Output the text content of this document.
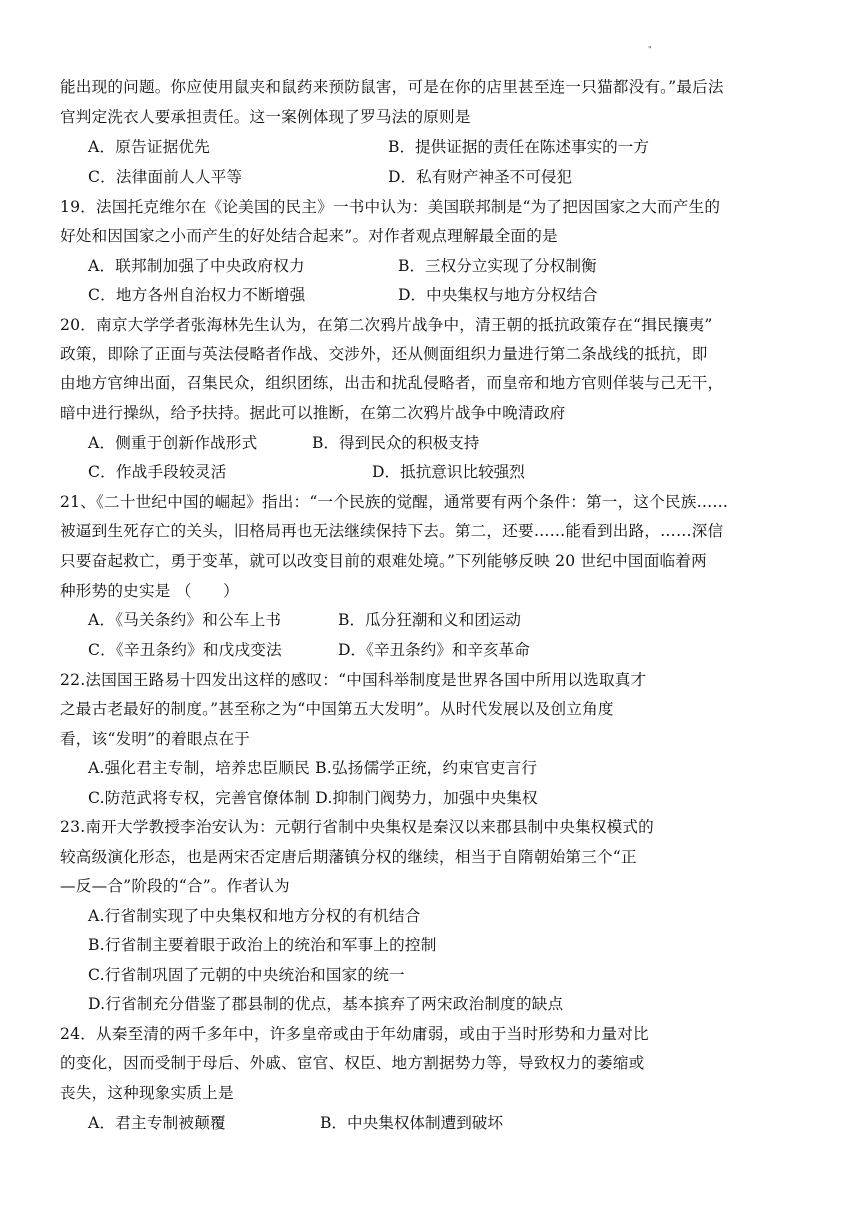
"
能出现的问题。你应使用鼠夹和鼠药来预防鼠害，可是在你的店里甚至连一只猫都没有。”最后法
官判定洗衣人要承担责任。这一案例体现了罗马法的原则是
A．原告证据优先	B．提供证据的责任在陈述事实的一方
C．法律面前人人平等	D．私有财产神圣不可侵犯
19．法国托克维尔在《论美国的民主》一书中认为：美国联邦制是“为了把因国家之大而产生的
好处和因国家之小而产生的好处结合起来”。对作者观点理解最全面的是
A．联邦制加强了中央政府权力	B．三权分立实现了分权制衡
C．地方各州自治权力不断增强	D．中央集权与地方分权结合
20．南京大学学者张海林先生认为，在第二次鸦片战争中，清王朝的抵抗政策存在“揖民攘夷”
政策，即除了正面与英法侵略者作战、交涉外，还从侧面组织力量进行第二条战线的抵抗，即
由地方官绅出面，召集民众，组织团练，出击和扰乱侵略者，而皇帝和地方官则佯装与己无干，
暗中进行操纵，给予扶持。据此可以推断，在第二次鸦片战争中晚清政府
A．侧重于创新作战形式	B．得到民众的积极支持
C．作战手段较灵活	D．抵抗意识比较强烈
21、《二十世纪中国的崛起》指出：“一个民族的觉醒，通常要有两个条件：第一，这个民族……
被逼到生死存亡的关头，旧格局再也无法继续保持下去。第二，还要……能看到出路，……深信
只要奋起救亡，勇于变革，就可以改变目前的艰难处境。”下列能够反映 20 世纪中国面临着两
种形势的史实是 （　　）
A．《马关条约》和公车上书	B．瓜分狂潮和义和团运动
C．《辛丑条约》和戊戌变法	D．《辛丑条约》和辛亥革命
22.法国国王路易十四发出这样的感叹：“中国科举制度是世界各国中所用以选取真才
之最古老最好的制度。”甚至称之为“中国第五大发明”。从时代发展以及创立角度
看，该“发明”的着眼点在于
A.强化君主专制，培养忠臣顺民 B.弘扬儒学正统，约束官吏言行
C.防范武将专权，完善官僚体制 D.抑制门阀势力，加强中央集权
23.南开大学教授李治安认为：元朝行省制中央集权是秦汉以来郡县制中央集权模式的
较高级演化形态，也是两宋否定唐后期藩镇分权的继续，相当于自隋朝始第三个“正
—反—合”阶段的“合”。作者认为
A.行省制实现了中央集权和地方分权的有机结合
B.行省制主要着眼于政治上的统治和军事上的控制
C.行省制巩固了元朝的中央统治和国家的统一
D.行省制充分借鉴了郡县制的优点，基本摈弃了两宋政治制度的缺点
24．从秦至清的两千多年中，许多皇帝或由于年幼庸弱，或由于当时形势和力量对比
的变化，因而受制于母后、外戚、宦官、权臣、地方割据势力等，导致权力的萎缩或
丧失，这种现象实质上是
A．君主专制被颠覆	B．中央集权体制遭到破坏
